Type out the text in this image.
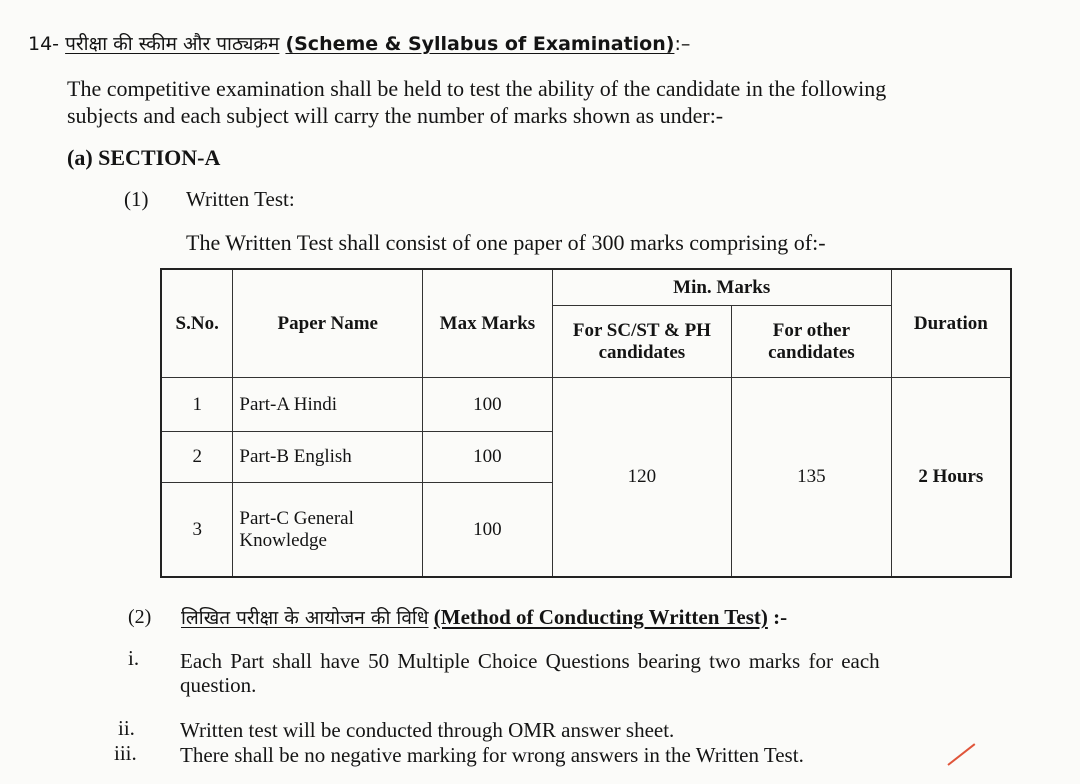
14- परीक्षा की स्कीम और पाठ्यक्रम (Scheme & Syllabus of Examination):–
The competitive examination shall be held to test the ability of the candidate in the following
subjects and each subject will carry the number of marks shown as under:-
(a) SECTION-A
(1) Written Test:
The Written Test shall consist of one paper of 300 marks comprising of:-
S.No.	Paper Name	Max Marks	Min. Marks		Duration
			For SC/ST & PH candidates	For other candidates	
1	Part-A Hindi	100	120	135	2 Hours
2	Part-B English	100			
3	Part-C General Knowledge	100			
(2) लिखित परीक्षा के आयोजन की विधि (Method of Conducting Written Test) :-
i. Each Part shall have 50 Multiple Choice Questions bearing two marks for each
question.
ii. Written test will be conducted through OMR answer sheet.
iii. There shall be no negative marking for wrong answers in the Written Test.
